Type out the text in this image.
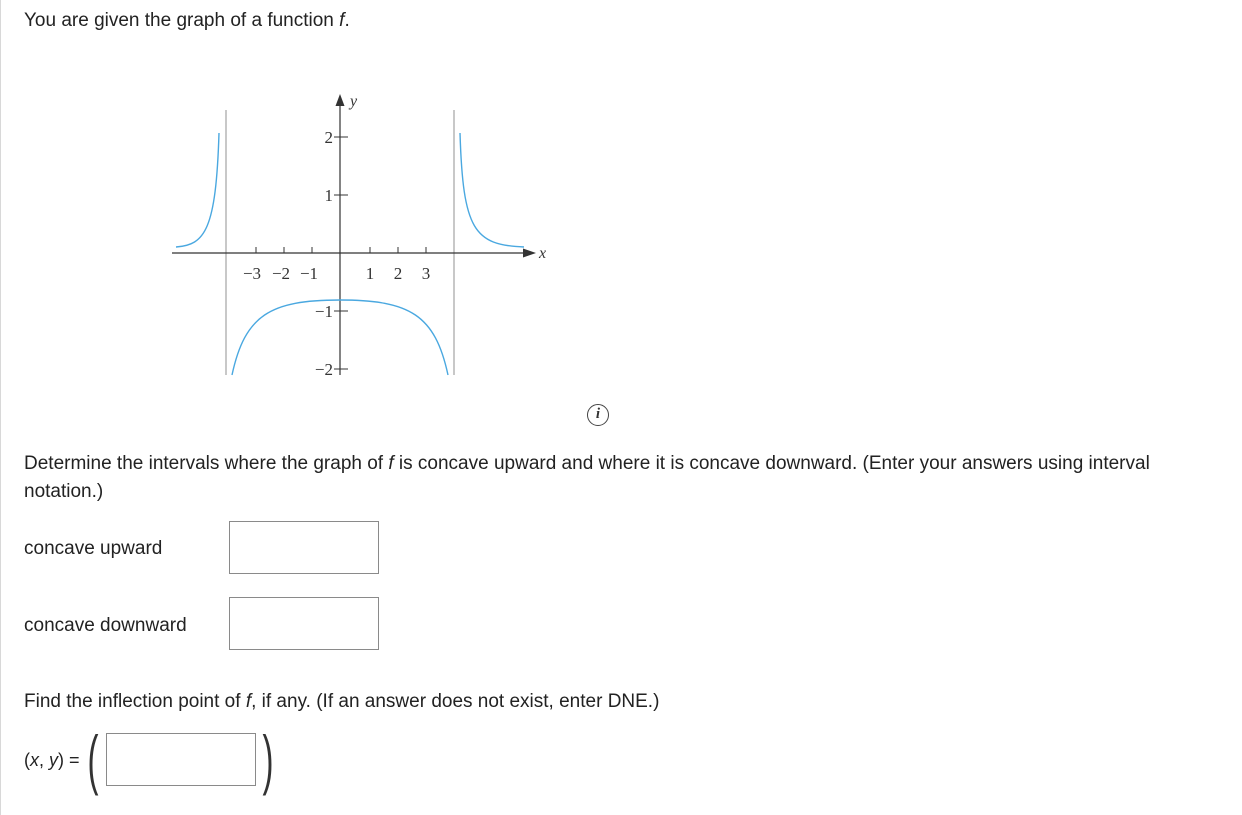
You are given the graph of a function f.
x
y
−3 −2 −1	1 2 3
2
1
−1
−2
i
Determine the intervals where the graph of f is concave upward and where it is concave downward. (Enter your answers using interval notation.)
concave upward
concave downward
Find the inflection point of f, if any. (If an answer does not exist, enter DNE.)
(x, y) = ( )
